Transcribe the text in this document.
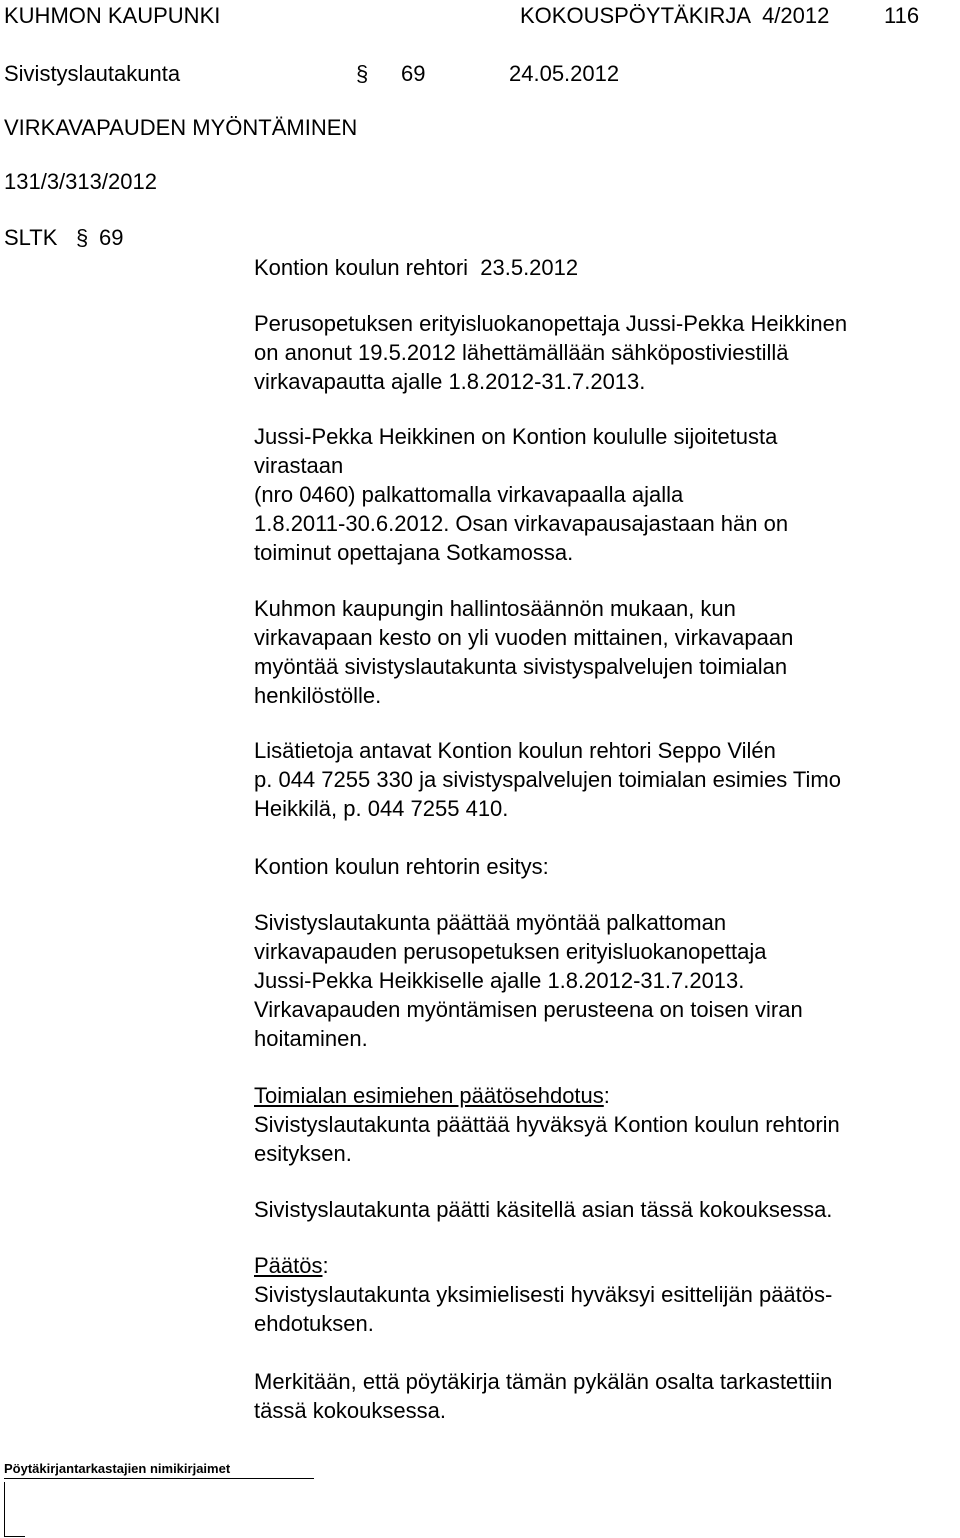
KUHMON KAUPUNKI	KOKOUSPÖYTÄKIRJA  4/2012 116
Sivistyslautakunta	§ 69	24.05.2012
VIRKAVAPAUDEN MYÖNTÄMINEN
131/3/313/2012
SLTK § 69
Kontion koulun rehtori  23.5.2012
Perusopetuksen erityisluokanopettaja Jussi-Pekka Heikkinen
on anonut 19.5.2012 lähettämällään sähköpostiviestillä
virkavapautta ajalle 1.8.2012-31.7.2013.
Jussi-Pekka Heikkinen on Kontion koululle sijoitetusta
virastaan
(nro 0460) palkattomalla virkavapaalla ajalla
1.8.2011-30.6.2012. Osan virkavapausajastaan hän on
toiminut opettajana Sotkamossa.
Kuhmon kaupungin hallintosäännön mukaan, kun
virkavapaan kesto on yli vuoden mittainen, virkavapaan
myöntää sivistyslautakunta sivistyspalvelujen toimialan
henkilöstölle.
Lisätietoja antavat Kontion koulun rehtori Seppo Vilén
p. 044 7255 330 ja sivistyspalvelujen toimialan esimies Timo
Heikkilä, p. 044 7255 410.
Kontion koulun rehtorin esitys:
Sivistyslautakunta päättää myöntää palkattoman
virkavapauden perusopetuksen erityisluokanopettaja
Jussi-Pekka Heikkiselle ajalle 1.8.2012-31.7.2013.
Virkavapauden myöntämisen perusteena on toisen viran
hoitaminen.
Toimialan esimiehen päätösehdotus:
Sivistyslautakunta päättää hyväksyä Kontion koulun rehtorin
esityksen.
Sivistyslautakunta päätti käsitellä asian tässä kokouksessa.
Päätös:
Sivistyslautakunta yksimielisesti hyväksyi esittelijän päätös-
ehdotuksen.
Merkitään, että pöytäkirja tämän pykälän osalta tarkastettiin
tässä kokouksessa.
Pöytäkirjantarkastajien nimikirjaimet
